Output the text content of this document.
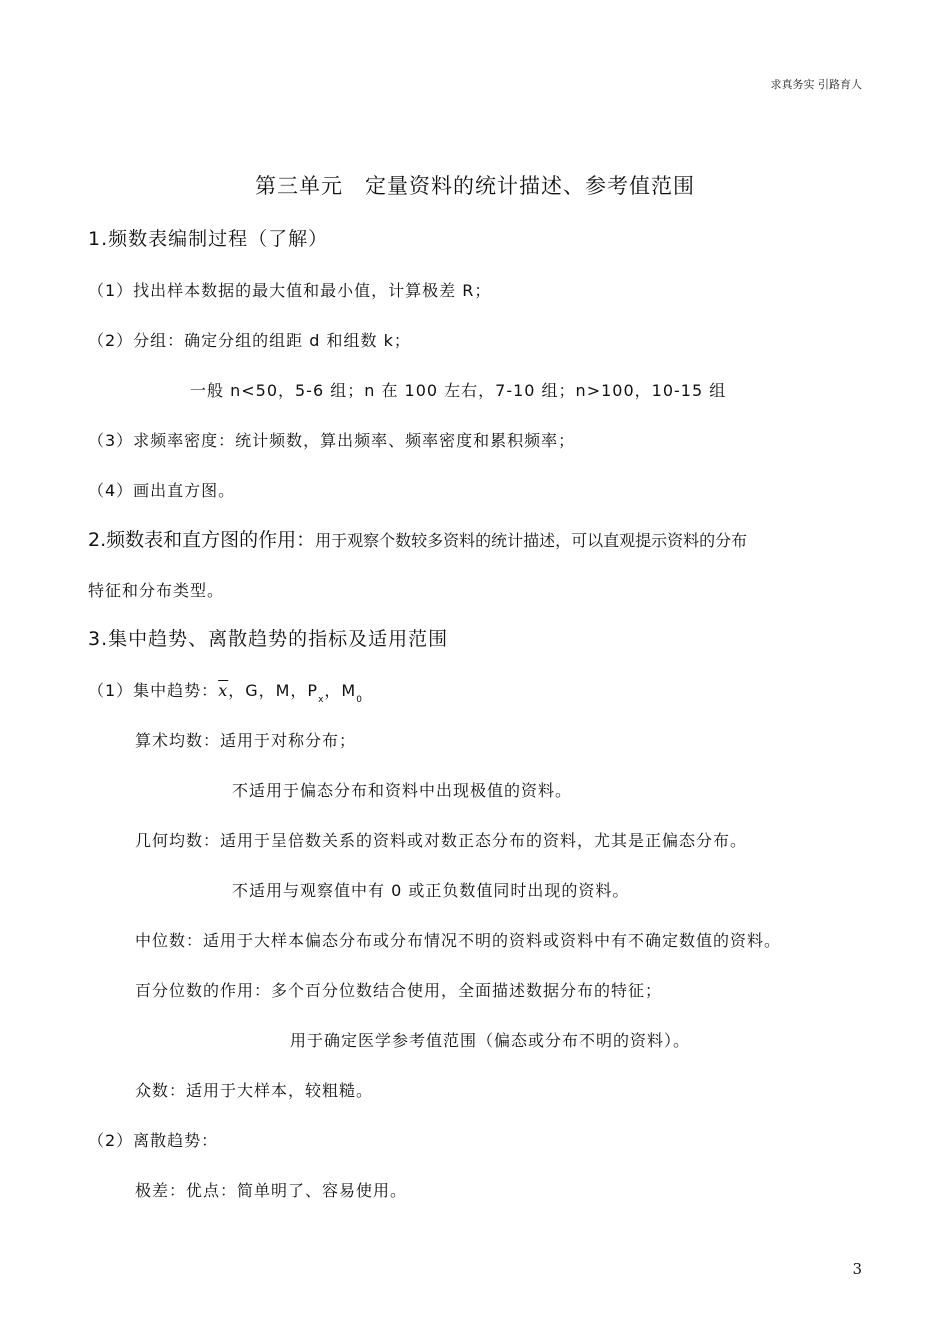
求真务实 引路育人
第三单元　定量资料的统计描述、参考值范围
1.频数表编制过程（了解）
（1）找出样本数据的最大值和最小值，计算极差 R；
（2）分组：确定分组的组距 d 和组数 k；
一般 n<50，5-6 组；n 在 100 左右，7-10 组；n>100，10-15 组
（3）求频率密度：统计频数，算出频率、频率密度和累积频率；
（4）画出直方图。
2.频数表和直方图的作用：用于观察个数较多资料的统计描述，可以直观提示资料的分布
特征和分布类型。
3.集中趋势、离散趋势的指标及适用范围
（1）集中趋势：$\overline{x}$，G，M，$P_x$，$M_0$
算术均数：适用于对称分布；
不适用于偏态分布和资料中出现极值的资料。
几何均数：适用于呈倍数关系的资料或对数正态分布的资料，尤其是正偏态分布。
不适用与观察值中有 0 或正负数值同时出现的资料。
中位数：适用于大样本偏态分布或分布情况不明的资料或资料中有不确定数值的资料。
百分位数的作用：多个百分位数结合使用，全面描述数据分布的特征；
用于确定医学参考值范围（偏态或分布不明的资料）。
众数：适用于大样本，较粗糙。
（2）离散趋势：
极差：优点：简单明了、容易使用。
3
